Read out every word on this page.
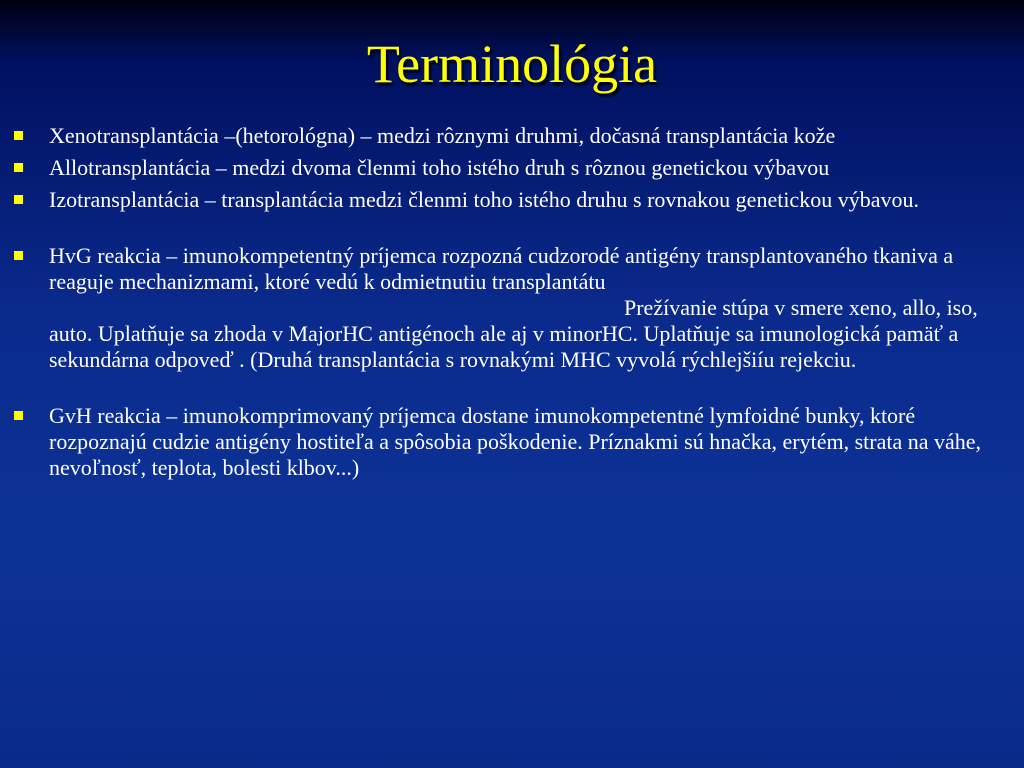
Terminológia
Xenotransplantácia –(hetorológna) – medzi rôznymi druhmi, dočasná transplantácia kože
Allotransplantácia – medzi dvoma členmi toho istého druh s rôznou genetickou výbavou
Izotransplantácia – transplantácia medzi členmi toho istého druhu s rovnakou genetickou výbavou.
HvG reakcia – imunokompetentný príjemca rozpozná cudzorodé antigény transplantovaného tkaniva a reaguje mechanizmami, ktoré vedú k odmietnutiu transplantátuPrežívanie stúpa v smere xeno, allo, iso, auto. Uplatňuje sa zhoda v MajorHC antigénoch ale aj v minorHC. Uplatňuje sa imunologická pamäť a sekundárna odpoveď . (Druhá transplantácia s rovnakými MHC vyvolá rýchlejšiíu rejekciu.
GvH reakcia – imunokomprimovaný príjemca dostane imunokompetentné lymfoidné bunky, ktoré rozpoznajú cudzie antigény hostiteľa a spôsobia poškodenie. Príznakmi sú hnačka, erytém, strata na váhe, nevoľnosť, teplota, bolesti klbov...)
